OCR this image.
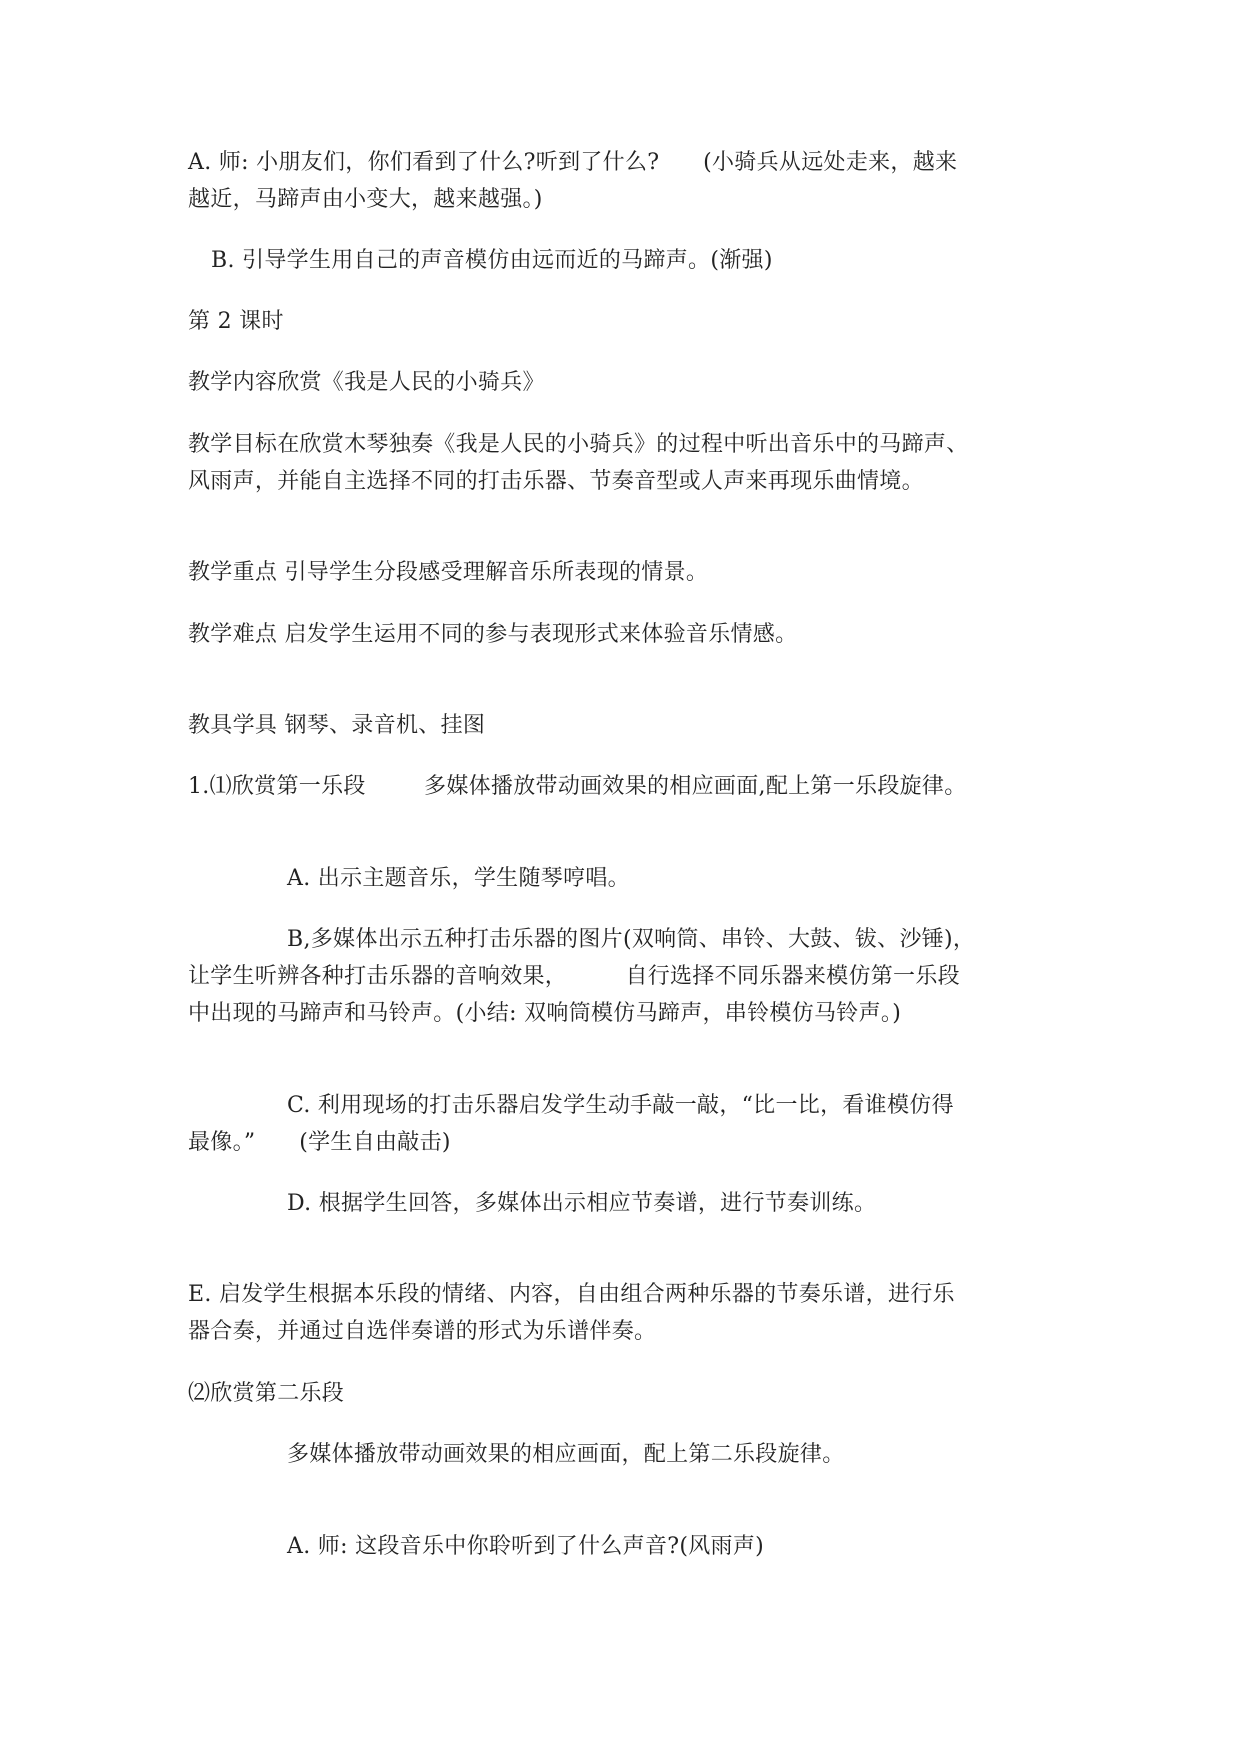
A. 师: 小朋友们，你们看到了什么?听到了什么?      (小骑兵从远处走来，越来
越近，马蹄声由小变大，越来越强。)
B. 引导学生用自己的声音模仿由远而近的马蹄声。(渐强)
第 2 课时
教学内容欣赏《我是人民的小骑兵》
教学目标在欣赏木琴独奏《我是人民的小骑兵》的过程中听出音乐中的马蹄声、
风雨声，并能自主选择不同的打击乐器、节奏音型或人声来再现乐曲情境。
教学重点 引导学生分段感受理解音乐所表现的情景。
教学难点 启发学生运用不同的参与表现形式来体验音乐情感。
教具学具 钢琴、录音机、挂图
1.⑴欣赏第一乐段        多媒体播放带动画效果的相应画面,配上第一乐段旋律。
A. 出示主题音乐，学生随琴哼唱。
B,多媒体出示五种打击乐器的图片(双响筒、串铃、大鼓、钹、沙锤)，
让学生听辨各种打击乐器的音响效果，        自行选择不同乐器来模仿第一乐段
中出现的马蹄声和马铃声。(小结: 双响筒模仿马蹄声，串铃模仿马铃声。)
C. 利用现场的打击乐器启发学生动手敲一敲，“比一比，看谁模仿得
最像。”      (学生自由敲击)
D. 根据学生回答，多媒体出示相应节奏谱，进行节奏训练。
E. 启发学生根据本乐段的情绪、内容，自由组合两种乐器的节奏乐谱，进行乐
器合奏，并通过自选伴奏谱的形式为乐谱伴奏。
⑵欣赏第二乐段
多媒体播放带动画效果的相应画面，配上第二乐段旋律。
A. 师: 这段音乐中你聆听到了什么声音?(风雨声)
